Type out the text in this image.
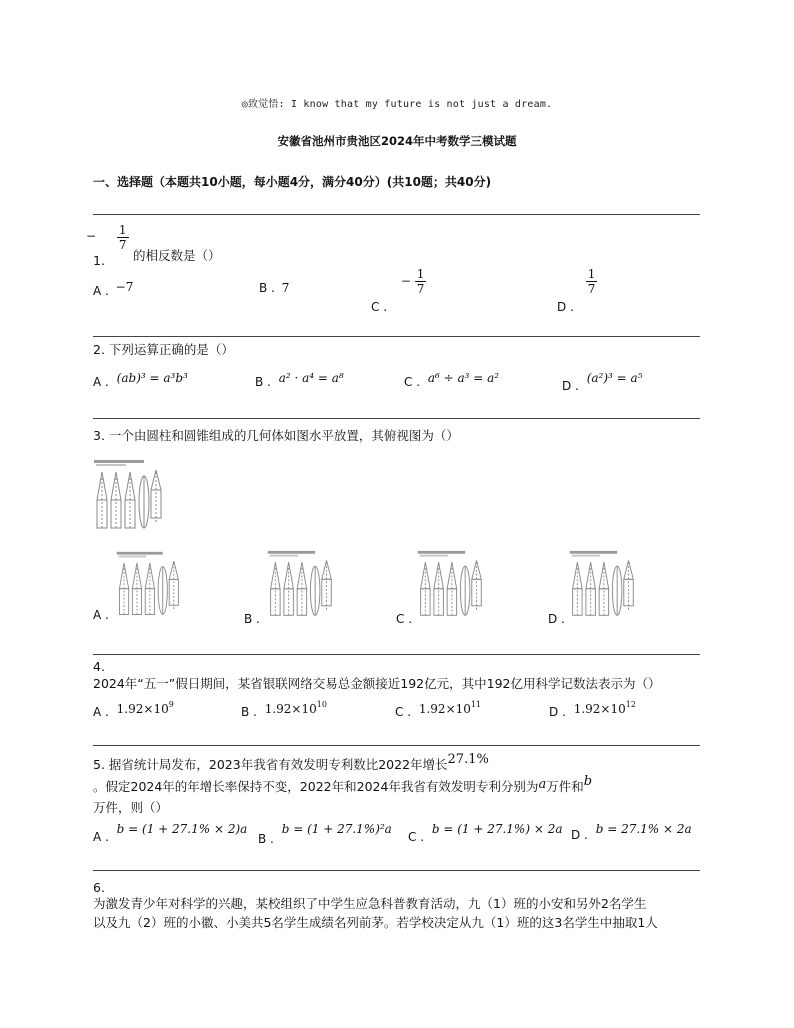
◎致觉悟: I know that my future is not just a dream.
安徽省池州市贵池区2024年中考数学三模试题
一、选择题（本题共10小题，每小题4分，满分40分）(共10题；共40分)
1.
− 1
7
的相反数是（）
A . −7	B . 7
C . − $\frac{1}{7}$
D .
$\frac{1}{7}$
2. 下列运算正确的是（）
A . (ab)³ = a³b³	B . a² · a⁴ = a⁸	C . a⁶ ÷ a³ = a²
D . (a²)³ = a⁵
3. 一个由圆柱和圆锥组成的几何体如图水平放置，其俯视图为（）
A .	B .	C .	D .
4.
2024年“五一”假日期间，某省银联网络交易总金额接近192亿元，其中192亿用科学记数法表示为（）
A . $1.92\times 10^9$
B . $1.92\times 10^{10}$
C . $1.92\times 10^{11}$
D . $1.92\times 10^{12}$
5. 据省统计局发布，2023年我省有效发明专利数比2022年增长27.1%
。假定2024年的年增长率保持不变，2022年和2024年我省有效发明专利分别为a万件和b
万件，则（）
A . b = (1 + 27.1% × 2)a
B . b = (1 + 27.1%)²a
C . b = (1 + 27.1%) × 2a D . b = 27.1% × 2a
6.
为激发青少年对科学的兴趣，某校组织了中学生应急科普教育活动，九（1）班的小安和另外2名学生
以及九（2）班的小徽、小美共5名学生成绩名列前茅。若学校决定从九（1）班的这3名学生中抽取1人
